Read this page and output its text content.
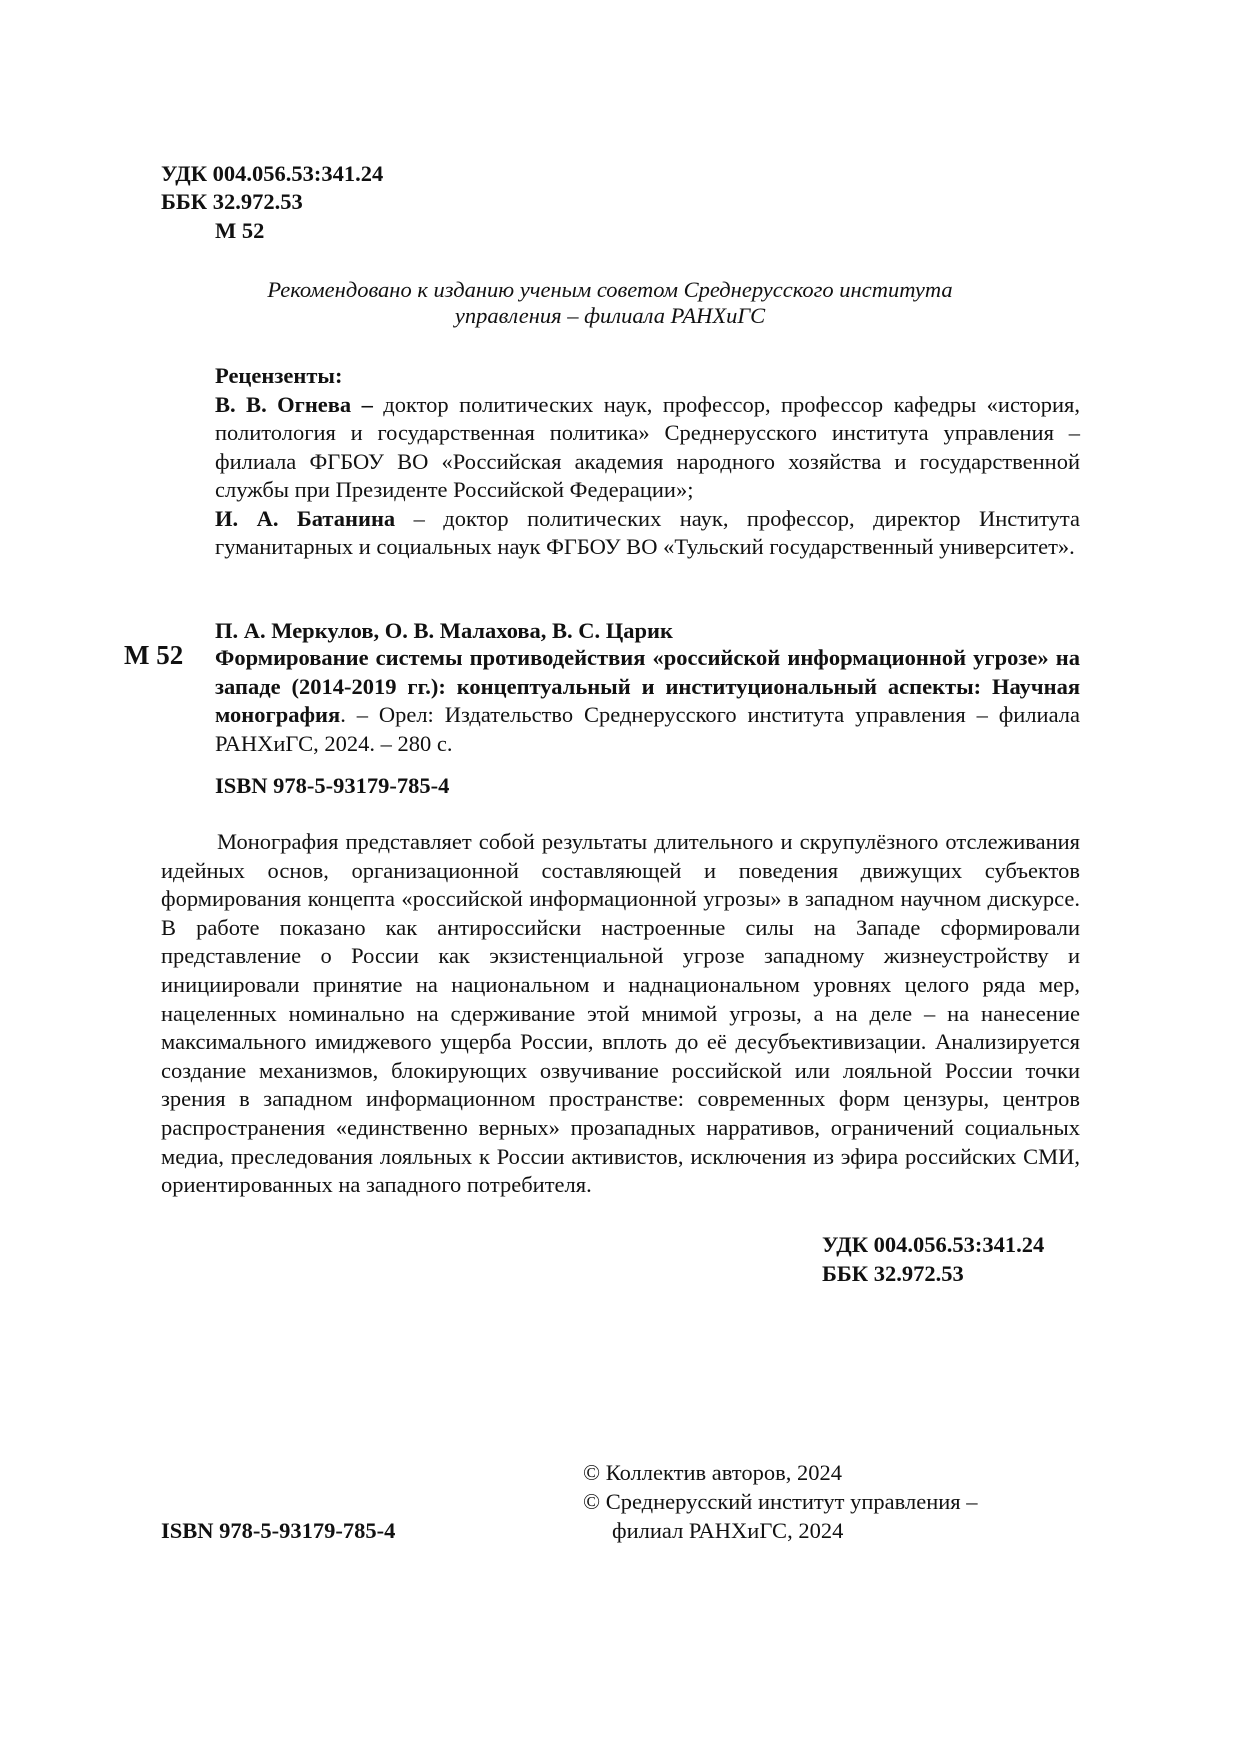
УДК 004.056.53:341.24
ББК 32.972.53
М 52
Рекомендовано к изданию ученым советом Среднерусского института
управления – филиала РАНХиГС

Рецензенты:

В. В. Огнева – доктор политических наук, профессор, профессор кафедры «история, политология и государственная политика» Среднерусского института управления – филиала ФГБОУ ВО «Российская академия народного хозяйства и государственной службы при Президенте Российской Федерации»;

И. А. Батанина – доктор политических наук, профессор, директор Института гуманитарных и социальных наук ФГБОУ ВО «Тульский государственный университет».

М 52
П. А. Меркулов, О. В. Малахова, В. С. Царик
Формирование системы противодействия «российской информационной угрозе» на западе (2014-2019 гг.): концептуальный и институциональный аспекты: Научная монография. – Орел: Издательство Среднерусского института управления – филиала РАНХиГС, 2024. – 280 с.
ISBN 978-5-93179-785-4
Монография представляет собой результаты длительного и скрупулёзного отслеживания идейных основ, организационной составляющей и поведения движущих субъектов формирования концепта «российской информационной угрозы» в западном научном дискурсе. В работе показано как антироссийски настроенные силы на Западе сформировали представление о России как экзистенциальной угрозе западному жизнеустройству и инициировали принятие на национальном и наднациональном уровнях целого ряда мер, нацеленных номинально на сдерживание этой мнимой угрозы, а на деле – на нанесение максимального имиджевого ущерба России, вплоть до её десубъективизации. Анализируется создание механизмов, блокирующих озвучивание российской или лояльной России точки зрения в западном информационном пространстве: современных форм цензуры, центров распространения «единственно верных» прозападных нарративов, ограничений социальных медиа, преследования лояльных к России активистов, исключения из эфира российских СМИ, ориентированных на западного потребителя.
УДК 004.056.53:341.24
ББК 32.972.53
ISBN 978-5-93179-785-4
© Коллектив авторов, 2024
© Среднерусский институт управления –
филиал РАНХиГС, 2024
